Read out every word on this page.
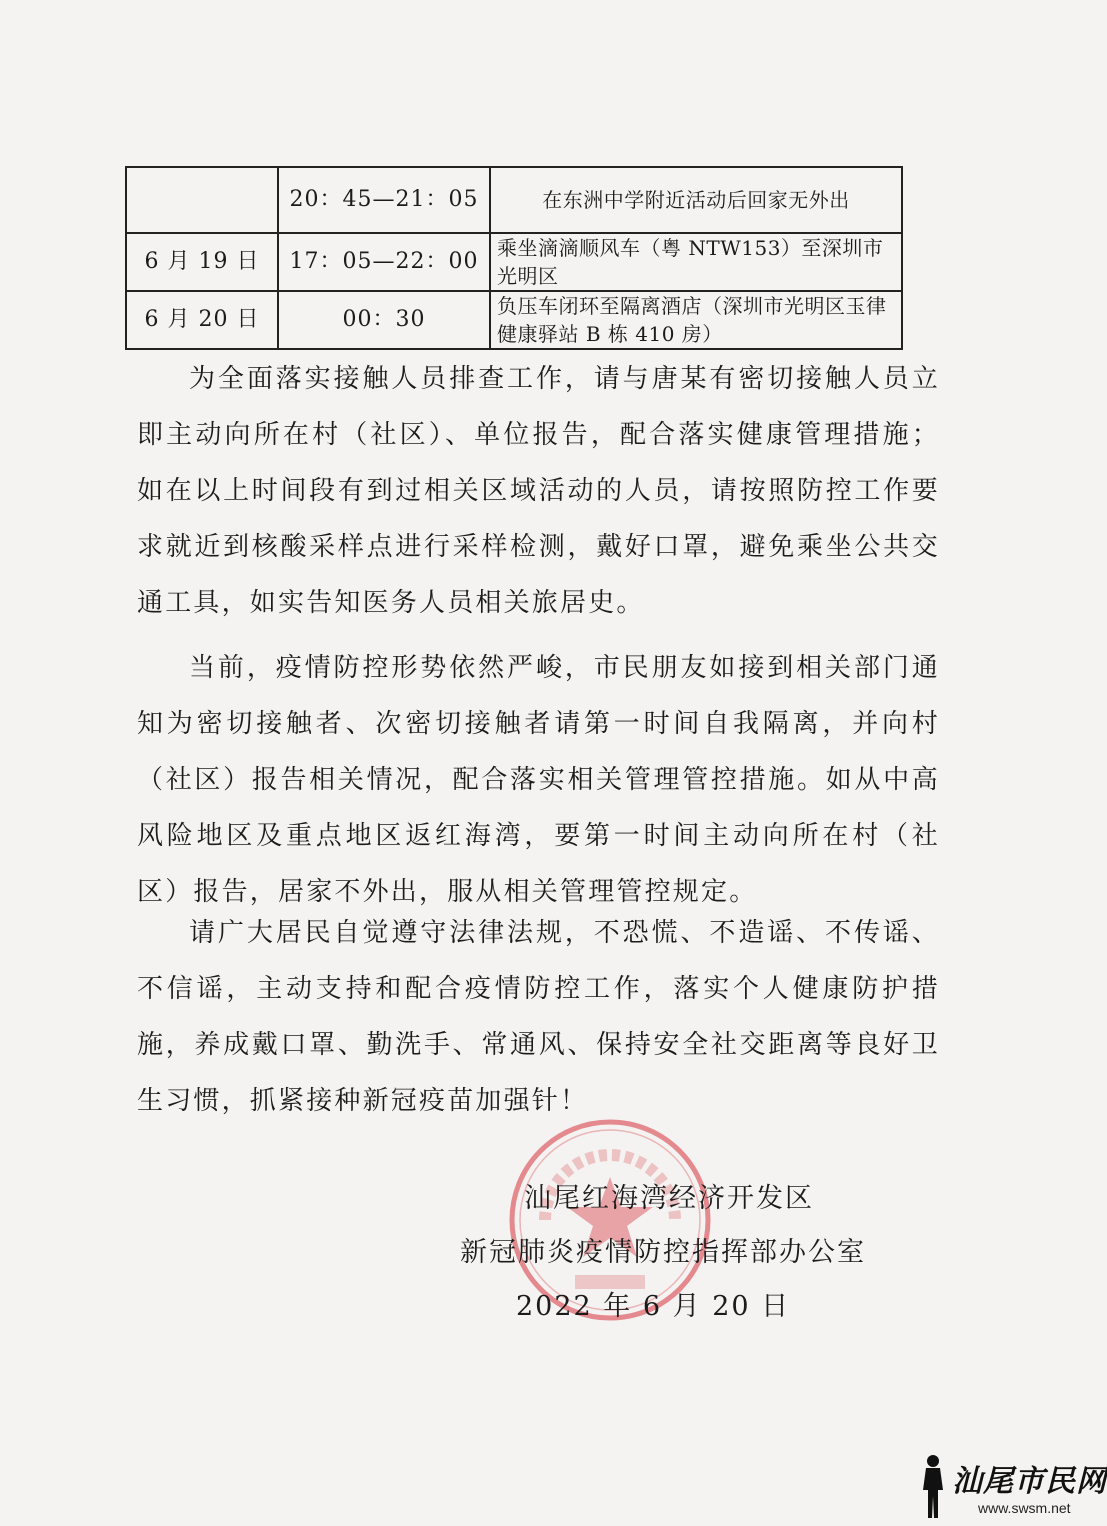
	20：45—21：05	在东洲中学附近活动后回家无外出
6 月 19 日	17：05—22：00	乘坐滴滴顺风车（粤 NTW153）至深圳市光明区
6 月 20 日	00：30	负压车闭环至隔离酒店（深圳市光明区玉律健康驿站 B 栋 410 房）

为全面落实接触人员排查工作，请与唐某有密切接触人员立即主动向所在村（社区）、单位报告，配合落实健康管理措施；如在以上时间段有到过相关区域活动的人员，请按照防控工作要求就近到核酸采样点进行采样检测，戴好口罩，避免乘坐公共交通工具，如实告知医务人员相关旅居史。

当前，疫情防控形势依然严峻，市民朋友如接到相关部门通知为密切接触者、次密切接触者请第一时间自我隔离，并向村（社区）报告相关情况，配合落实相关管理管控措施。如从中高风险地区及重点地区返红海湾，要第一时间主动向所在村（社区）报告，居家不外出，服从相关管理管控规定。

请广大居民自觉遵守法律法规，不恐慌、不造谣、不传谣、不信谣，主动支持和配合疫情防控工作，落实个人健康防护措施，养成戴口罩、勤洗手、常通风、保持安全社交距离等良好卫生习惯，抓紧接种新冠疫苗加强针！

汕尾红海湾经济开发区

新冠肺炎疫情防控指挥部办公室

2022 年 6 月 20 日

汕尾市民网
www.swsm.net
